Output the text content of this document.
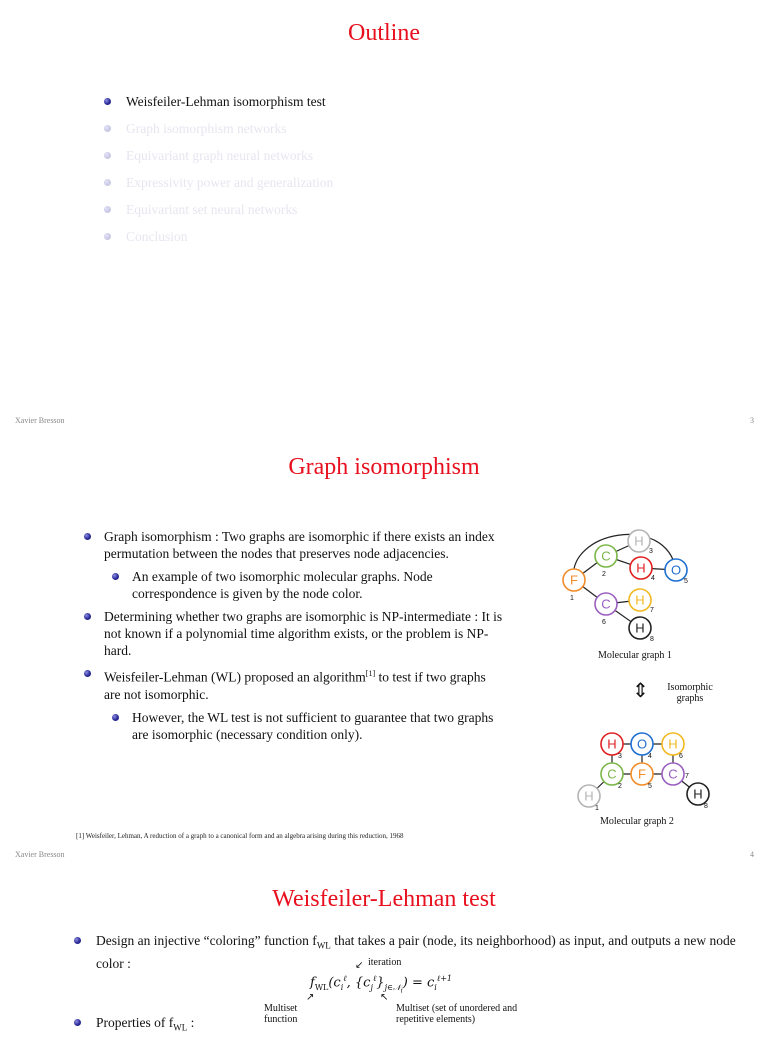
Outline
Weisfeiler-Lehman isomorphism test
Graph isomorphism networks
Equivariant graph neural networks
Expressivity power and generalization
Equivariant set neural networks
Conclusion
Xavier Bresson	3
Graph isomorphism
Graph isomorphism : Two graphs are isomorphic if there exists an index permutation between the nodes that preserves node adjacencies.
An example of two isomorphic molecular graphs. Node correspondence is given by the node color.
Determining whether two graphs are isomorphic is NP-intermediate : It is not known if a polynomial time algorithm exists, or the problem is NP-hard.
Weisfeiler-Lehman (WL) proposed an algorithm[1] to test if two graphs are not isomorphic.
However, the WL test is not sufficient to guarantee that two graphs are isomorphic (necessary condition only).
F
1
C
2
H
3
H
4
O
5
C
6
H
7
H
8
Molecular graph 1
⇕	Isomorphic graphs
H
1
C
2
H
3
O
4
F
5
H
6
C 7
H
8
Molecular graph 2
[1] Weisfeiler, Lehman, A reduction of a graph to a canonical form and an algebra arising during this reduction, 1968
Xavier Bresson	4
Weisfeiler-Lehman test
Design an injective “coloring” function $f_{WL}$ that takes a pair (node, its neighborhood) as input, and outputs a new node color :	iteration
↙
$f_{WL}(c_i^\ell$, $\{c_j^\ell\}_{j\in 𝒩_i}) = c_i^{\ell+1}$
Multiset function
↗	↖
Multiset (set of unordered and repetitive elements)
Properties of $f_{WL}$ :
